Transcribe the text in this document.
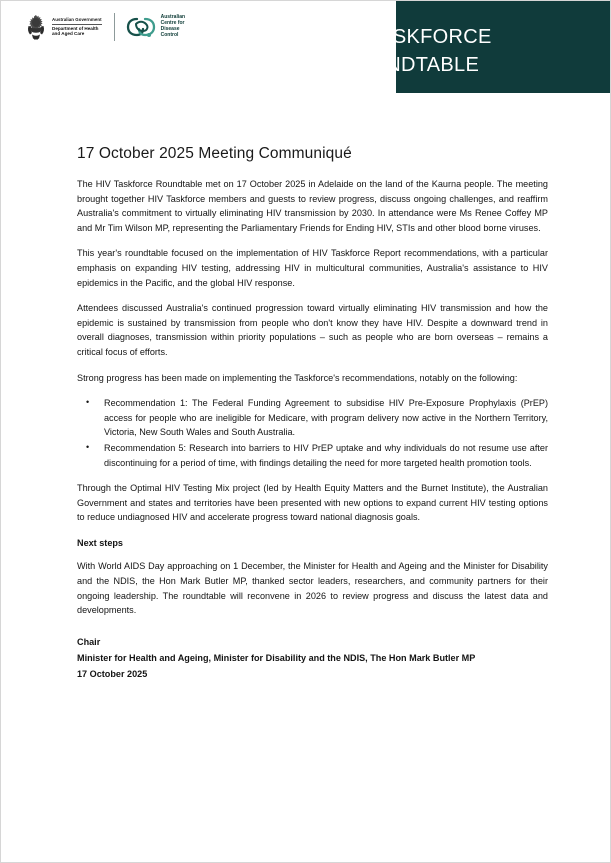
Australian Government
Department of Health
and Aged Care
Australian
Centre for
Disease
Control	HIV TASKFORCE
ROUNDTABLE
17 October 2025 Meeting Communiqué

The HIV Taskforce Roundtable met on 17 October 2025 in Adelaide on the land of the Kaurna people. The meeting brought together HIV Taskforce members and guests to review progress, discuss ongoing challenges, and reaffirm Australia's commitment to virtually eliminating HIV transmission by 2030. In attendance were Ms Renee Coffey MP and Mr Tim Wilson MP, representing the Parliamentary Friends for Ending HIV, STIs and other blood borne viruses.

This year's roundtable focused on the implementation of HIV Taskforce Report recommendations, with a particular emphasis on expanding HIV testing, addressing HIV in multicultural communities, Australia's assistance to HIV epidemics in the Pacific, and the global HIV response.

Attendees discussed Australia's continued progression toward virtually eliminating HIV transmission and how the epidemic is sustained by transmission from people who don't know they have HIV. Despite a downward trend in overall diagnoses, transmission within priority populations – such as people who are born overseas – remains a critical focus of efforts.

Strong progress has been made on implementing the Taskforce's recommendations, notably on the following:

• Recommendation 1: The Federal Funding Agreement to subsidise HIV Pre-Exposure Prophylaxis (PrEP) access for people who are ineligible for Medicare, with program delivery now active in the Northern Territory, Victoria, New South Wales and South Australia.
• Recommendation 5: Research into barriers to HIV PrEP uptake and why individuals do not resume use after discontinuing for a period of time, with findings detailing the need for more targeted health promotion tools.

Through the Optimal HIV Testing Mix project (led by Health Equity Matters and the Burnet Institute), the Australian Government and states and territories have been presented with new options to expand current HIV testing options to reduce undiagnosed HIV and accelerate progress toward national diagnosis goals.

Next steps

With World AIDS Day approaching on 1 December, the Minister for Health and Ageing and the Minister for Disability and the NDIS, the Hon Mark Butler MP, thanked sector leaders, researchers, and community partners for their ongoing leadership. The roundtable will reconvene in 2026 to review progress and discuss the latest data and developments.

Chair

Minister for Health and Ageing, Minister for Disability and the NDIS, The Hon Mark Butler MP

17 October 2025
